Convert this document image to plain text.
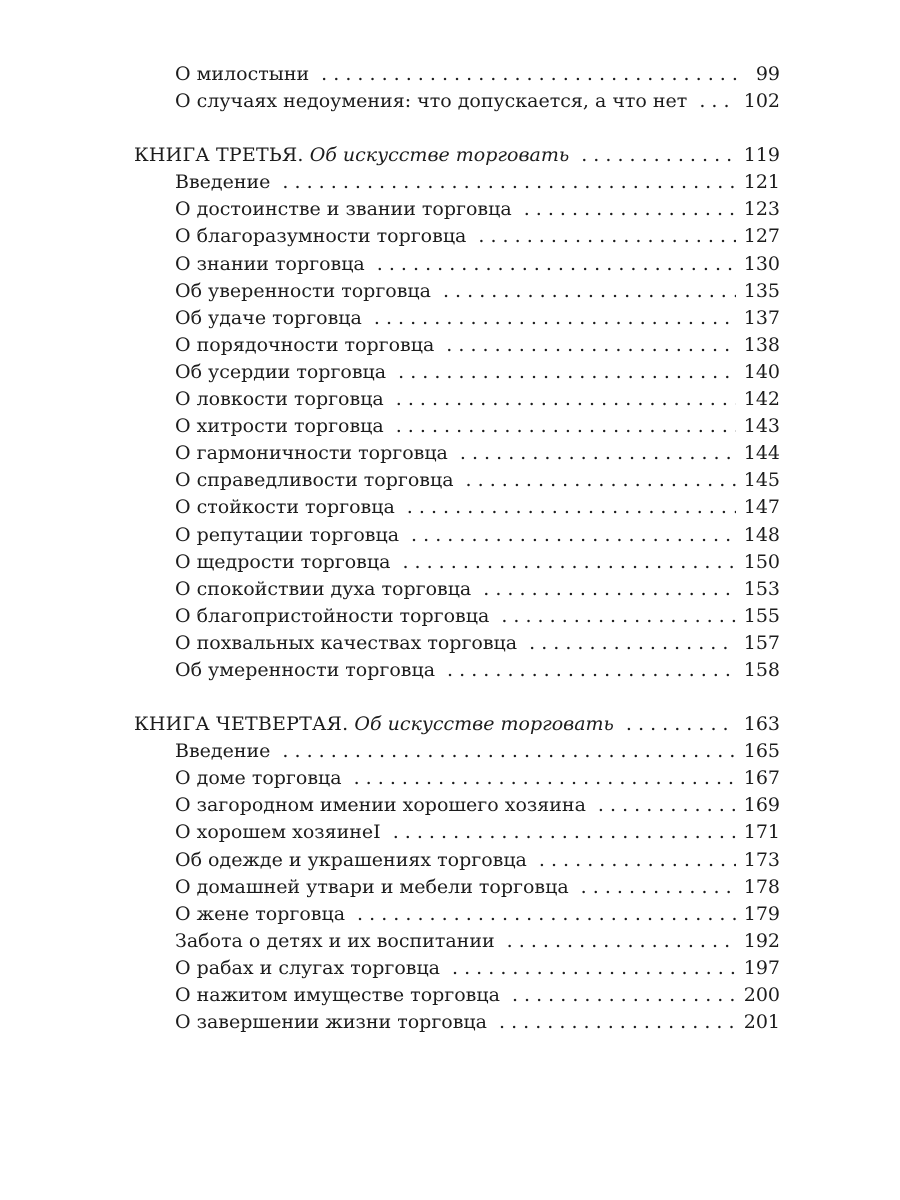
О милостыни . . .	99
О случаях недоумения: что допускается, а что нет . . .	102
КНИГА ТРЕТЬЯ. Об искусстве торговать . . .	119
Введение . . .	121
О достоинстве и звании торговца . . .	123
О благоразумности торговца . . .	127
О знании торговца . . .	130
Об уверенности торговца . . .	135
Об удаче торговца . . .	137
О порядочности торговца . . .	138
Об усердии торговца . . .	140
О ловкости торговца . . .	142
О хитрости торговца . . .	143
О гармоничности торговца . . .	144
О справедливости торговца . . .	145
О стойкости торговца . . .	147
О репутации торговца . . .	148
О щедрости торговца . . .	150
О спокойствии духа торговца . . .	153
О благопристойности торговца . . .	155
О похвальных качествах торговца . . .	157
Об умеренности торговца . . .	158
КНИГА ЧЕТВЕРТАЯ. Об искусстве торговать . . .	163
Введение . . .	165
О доме торговца . . .	167
О загородном имении хорошего хозяина . . .	169
О хорошем хозяинеI . . .	171
Об одежде и украшениях торговца . . .	173
О домашней утвари и мебели торговца . . .	178
О жене торговца . . .	179
Забота о детях и их воспитании . . .	192
О рабах и слугах торговца . . .	197
О нажитом имуществе торговца . . .	200
О завершении жизни торговца . . .	201
